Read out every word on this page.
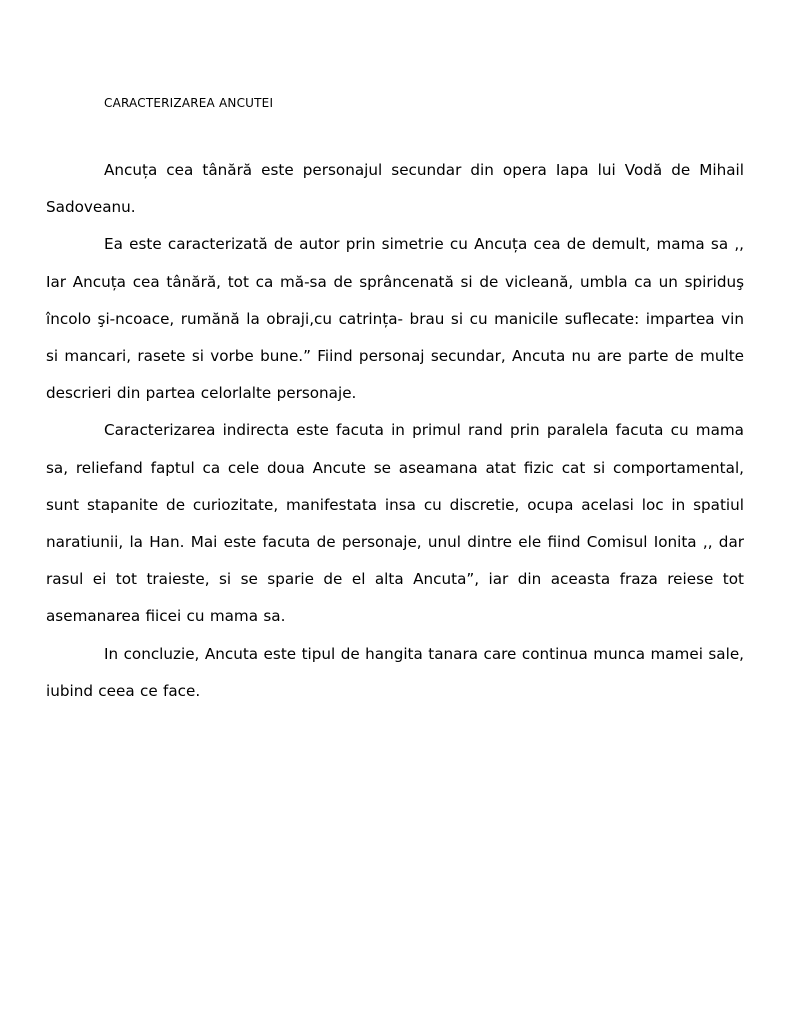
CARACTERIZAREA ANCUTEI

Ancuța cea tânără este personajul secundar din opera Iapa lui Vodă de Mihail Sadoveanu.

Ea este caracterizată de autor prin simetrie cu Ancuța cea de demult, mama sa ,, Iar Ancuța cea tânără, tot ca mă-sa de sprâncenată si de vicleană, umbla ca un spiriduş încolo şi-ncoace, rumănă la obraji,cu catrința- brau si cu manicile suflecate: impartea vin si mancari, rasete si vorbe bune.” Fiind personaj secundar, Ancuta nu are parte de multe descrieri din partea celorlalte personaje.

Caracterizarea indirecta este facuta in primul rand prin paralela facuta cu mama sa, reliefand faptul ca cele doua Ancute se aseamana atat fizic cat si comportamental, sunt stapanite de curiozitate, manifestata insa cu discretie, ocupa acelasi loc in spatiul naratiunii, la Han. Mai este facuta de personaje, unul dintre ele fiind Comisul Ionita ,, dar rasul ei tot traieste, si se sparie de el alta Ancuta”, iar din aceasta fraza reiese tot asemanarea fiicei cu mama sa.

In concluzie, Ancuta este tipul de hangita tanara care continua munca mamei sale, iubind ceea ce face.
